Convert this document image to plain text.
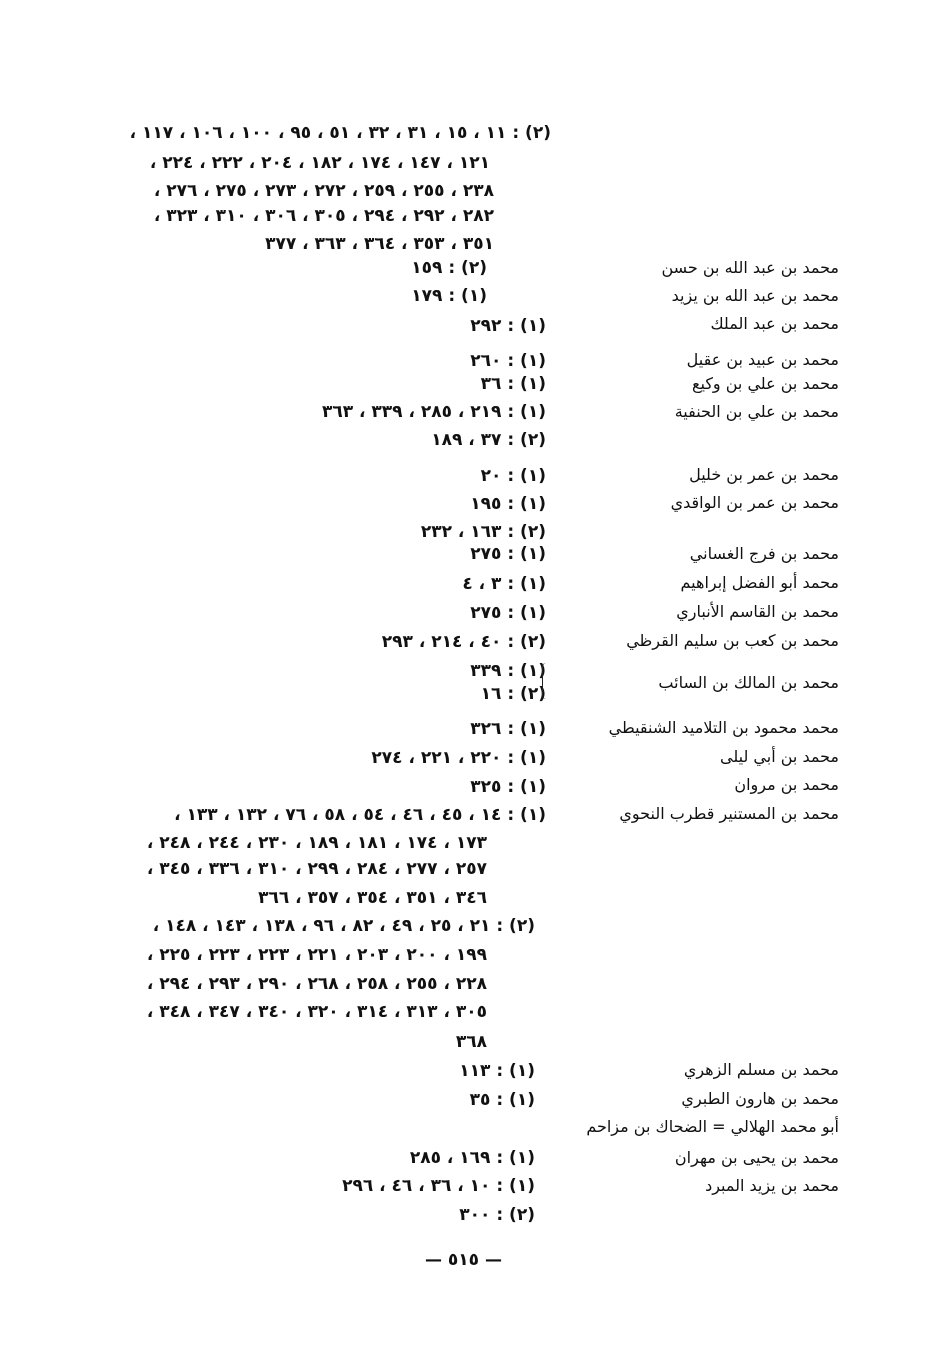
(٢) : ١١ ، ١٥ ، ٣١ ، ٣٢ ، ٥١ ، ٩٥ ، ١٠٠ ، ١٠٦ ، ١١٧ ،
١٢١ ، ١٤٧ ، ١٧٤ ، ١٨٢ ، ٢٠٤ ، ٢٢٢ ، ٢٢٤ ،
٢٣٨ ، ٢٥٥ ، ٢٥٩ ، ٢٧٢ ، ٢٧٣ ، ٢٧٥ ، ٢٧٦ ،
٢٨٢ ، ٢٩٢ ، ٢٩٤ ، ٣٠٥ ، ٣٠٦ ، ٣١٠ ، ٣٢٣ ،
٣٥١ ، ٣٥٣ ، ٣٦٤ ، ٣٦٣ ، ٣٧٧
محمد بن عبد الله بن حسن
(٢) : ١٥٩
محمد بن عبد الله بن يزيد
(١) : ١٧٩
محمد بن عبد الملك
(١) : ٢٩٢
محمد بن عبيد بن عقيل
(١) : ٢٦٠
محمد بن علي بن وكيع
(١) : ٣٦
محمد بن علي بن الحنفية
(١) : ٢١٩ ، ٢٨٥ ، ٣٣٩ ، ٣٦٣
(٢) : ٣٧ ، ١٨٩
محمد بن عمر بن خليل
(١) : ٢٠
محمد بن عمر بن الواقدي
(١) : ١٩٥
(٢) : ١٦٣ ، ٢٣٢
محمد بن فرج الغساني
(١) : ٢٧٥
محمد أبو الفضل إبراهيم
(١) : ٣ ، ٤
محمد بن القاسم الأنباري
(١) : ٢٧٥
محمد بن كعب بن سليم القرظي
(٢) : ٤٠ ، ٢١٤ ، ٢٩٣
محمد بن المالك بن السائب
(١) : ٣٣٩
(٢) : ١٦
محمد محمود بن التلاميد الشنقيطي
(١) : ٣٢٦
محمد بن أبي ليلى
(١) : ٢٢٠ ، ٢٢١ ، ٢٧٤
محمد بن مروان
(١) : ٣٢٥
محمد بن المستنير قطرب النحوي
(١) : ١٤ ، ٤٥ ، ٤٦ ، ٥٤ ، ٥٨ ، ٧٦ ، ١٣٢ ، ١٣٣ ،
١٧٣ ، ١٧٤ ، ١٨١ ، ١٨٩ ، ٢٣٠ ، ٢٤٤ ، ٢٤٨ ،
٢٥٧ ، ٢٧٧ ، ٢٨٤ ، ٢٩٩ ، ٣١٠ ، ٣٣٦ ، ٣٤٥ ،
٣٤٦ ، ٣٥١ ، ٣٥٤ ، ٣٥٧ ، ٣٦٦
(٢) : ٢١ ، ٢٥ ، ٤٩ ، ٨٢ ، ٩٦ ، ١٣٨ ، ١٤٣ ، ١٤٨ ،
١٩٩ ، ٢٠٠ ، ٢٠٣ ، ٢٢١ ، ٢٢٣ ، ٢٢٣ ، ٢٢٥ ،
٢٢٨ ، ٢٥٥ ، ٢٥٨ ، ٢٦٨ ، ٢٩٠ ، ٢٩٣ ، ٢٩٤ ،
٣٠٥ ، ٣١٣ ، ٣١٤ ، ٣٢٠ ، ٣٤٠ ، ٣٤٧ ، ٣٤٨ ،
٣٦٨
محمد بن مسلم الزهري
(١) : ١١٣
محمد بن هارون الطبري
(١) : ٣٥
أبو محمد الهلالي = الضحاك بن مزاحم
محمد بن يحيى بن مهران
(١) : ١٦٩ ، ٢٨٥
محمد بن يزيد المبرد
(١) : ١٠ ، ٣٦ ، ٤٦ ، ٢٩٦
(٢) : ٣٠٠
— ٥١٥ —
